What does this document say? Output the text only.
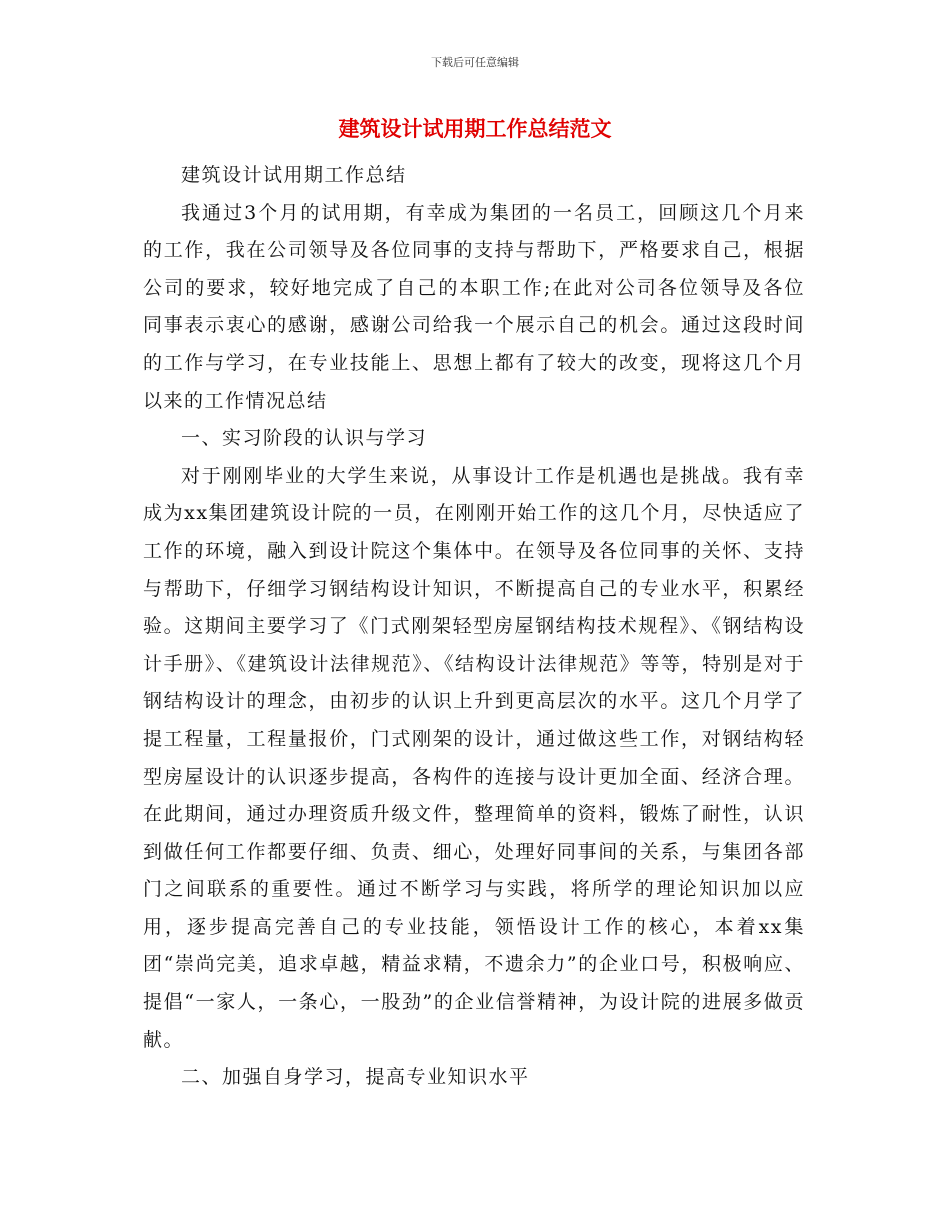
下载后可任意编辑
建筑设计试用期工作总结范文

建筑设计试用期工作总结

我通过3个月的试用期，有幸成为集团的一名员工，回顾这几个月来的工作，我在公司领导及各位同事的支持与帮助下，严格要求自己，根据公司的要求，较好地完成了自己的本职工作;在此对公司各位领导及各位同事表示衷心的感谢，感谢公司给我一个展示自己的机会。通过这段时间的工作与学习，在专业技能上、思想上都有了较大的改变，现将这几个月以来的工作情况总结

一、实习阶段的认识与学习

对于刚刚毕业的大学生来说，从事设计工作是机遇也是挑战。我有幸成为xx集团建筑设计院的一员，在刚刚开始工作的这几个月，尽快适应了工作的环境，融入到设计院这个集体中。在领导及各位同事的关怀、支持与帮助下，仔细学习钢结构设计知识，不断提高自己的专业水平，积累经验。这期间主要学习了《门式刚架轻型房屋钢结构技术规程》、《钢结构设计手册》、《建筑设计法律规范》、《结构设计法律规范》等等，特别是对于钢结构设计的理念，由初步的认识上升到更高层次的水平。这几个月学了提工程量，工程量报价，门式刚架的设计，通过做这些工作，对钢结构轻型房屋设计的认识逐步提高，各构件的连接与设计更加全面、经济合理。在此期间，通过办理资质升级文件，整理简单的资料，锻炼了耐性，认识到做任何工作都要仔细、负责、细心，处理好同事间的关系，与集团各部门之间联系的重要性。通过不断学习与实践，将所学的理论知识加以应用，逐步提高完善自己的专业技能，领悟设计工作的核心，本着xx集团“崇尚完美，追求卓越，精益求精，不遗余力”的企业口号，积极响应、提倡“一家人，一条心，一股劲”的企业信誉精神，为设计院的进展多做贡献。

二、加强自身学习，提高专业知识水平
